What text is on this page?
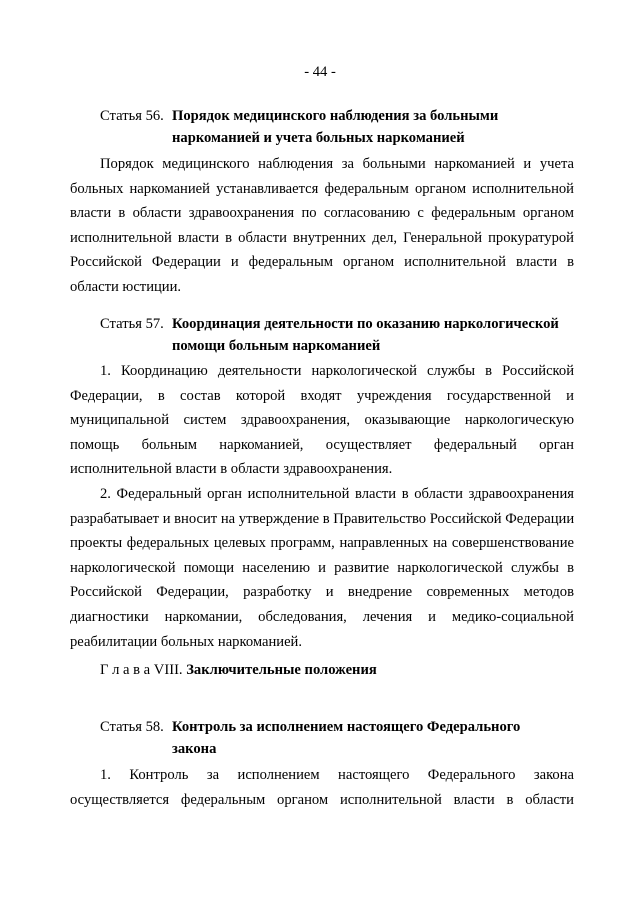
- 44 -
Статья 56. Порядок медицинского наблюдения за больными
наркоманией и учета больных наркоманией
Порядок медицинского наблюдения за больными наркоманией и учета
больных наркоманией устанавливается федеральным органом исполнительной
власти в области здравоохранения по согласованию с федеральным органом
исполнительной власти в области внутренних дел, Генеральной прокуратурой
Российской Федерации и федеральным органом исполнительной власти в
области юстиции.
Статья 57. Координация деятельности по оказанию наркологической
помощи больным наркоманией
1. Координацию деятельности наркологической службы в Российской
Федерации, в состав которой входят учреждения государственной и
муниципальной систем здравоохранения, оказывающие наркологическую
помощь больным наркоманией, осуществляет федеральный орган
исполнительной власти в области здравоохранения.
2. Федеральный орган исполнительной власти в области здравоохранения
разрабатывает и вносит на утверждение в Правительство Российской Федерации
проекты федеральных целевых программ, направленных на совершенствование
наркологической помощи населению и развитие наркологической службы в
Российской Федерации, разработку и внедрение современных методов
диагностики наркомании, обследования, лечения и медико-социальной
реабилитации больных наркоманией.
Г л а в а VIII. Заключительные положения
Статья 58. Контроль за исполнением настоящего Федерального
закона
1. Контроль за исполнением настоящего Федерального закона
осуществляется федеральным органом исполнительной власти в области
